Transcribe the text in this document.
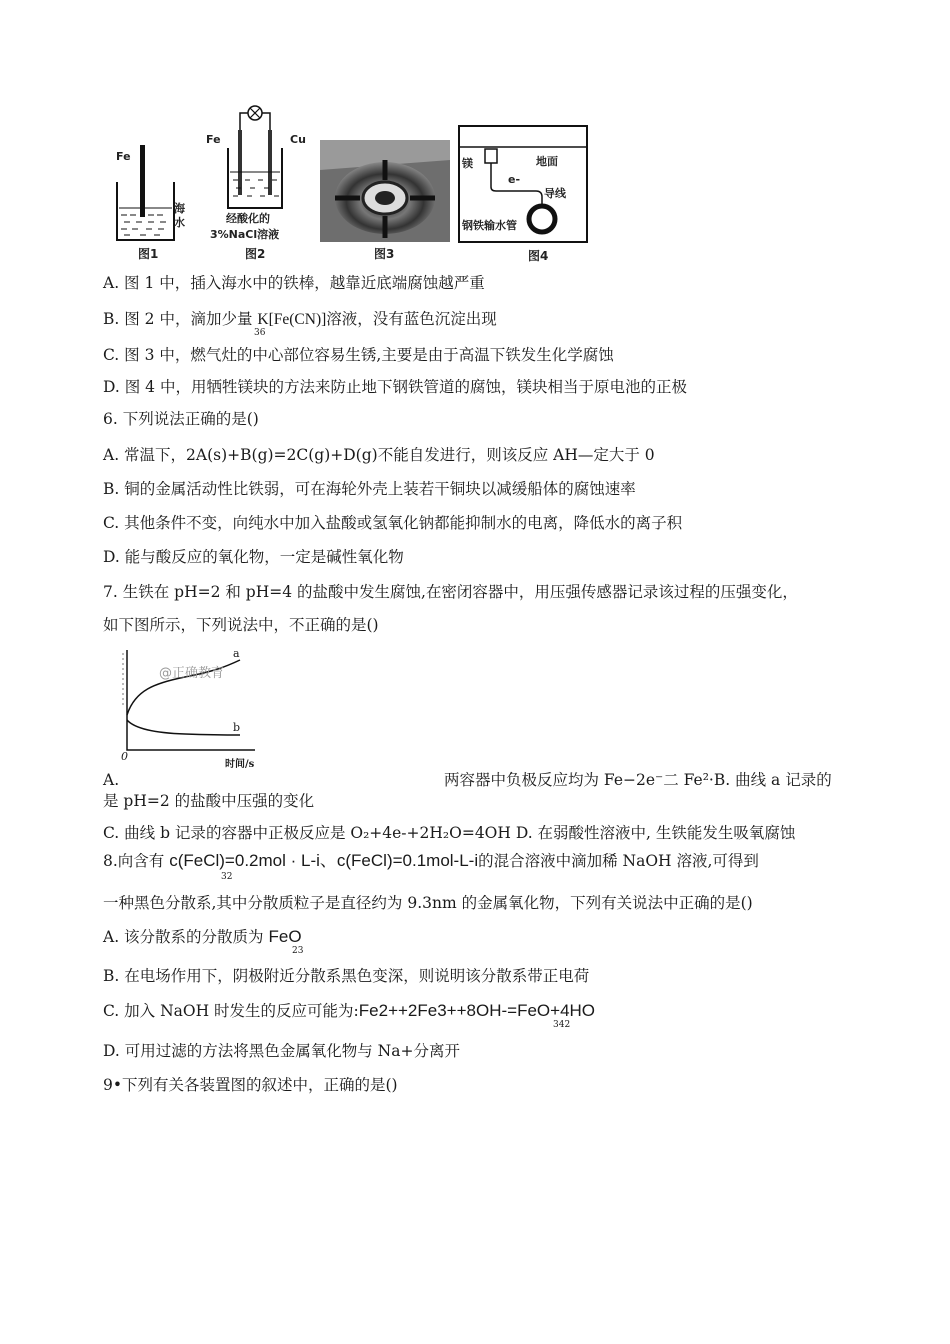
Fe
海水
图1
Fe	Cu
经酸化的
3%NaCl溶液
图2	图3
地面
镁
e-
导线
钢铁输水管
图4
A. 图 1 中，插入海水中的铁棒，越靠近底端腐蚀越严重
B. 图 2 中，滴加少量 K[Fe(CN)]溶液，没有蓝色沉淀出现
36
C. 图 3 中，燃气灶的中心部位容易生锈,主要是由于高温下铁发生化学腐蚀
D. 图 4 中，用牺牲镁块的方法来防止地下钢铁管道的腐蚀，镁块相当于原电池的正极
6. 下列说法正确的是()
A. 常温下，2A(s)+B(g)=2C(g)+D(g)不能自发进行，则该反应 AH—定大于 0
B. 铜的金属活动性比铁弱，可在海轮外壳上装若干铜块以减缓船体的腐蚀速率
C. 其他条件不变，向纯水中加入盐酸或氢氧化钠都能抑制水的电离，降低水的离子积
D. 能与酸反应的氧化物，一定是碱性氧化物
7. 生铁在 pH=2 和 pH=4 的盐酸中发生腐蚀,在密闭容器中，用压强传感器记录该过程的压强变化，
如下图所示，下列说法中，不正确的是()
@正确教育
a
b
0
时间/s
A.	两容器中负极反应均为 Fe−2e⁻二 Fe²·B. 曲线 a 记录的
是 pH=2 的盐酸中压强的变化
C. 曲线 b 记录的容器中正极反应是 O₂+4e-+2H₂O=4OH D. 在弱酸性溶液中, 生铁能发生吸氧腐蚀
8.向含有 c(FeCl)=0.2mol · L-i、c(FeCl)=0.1mol-L-i的混合溶液中滴加稀 NaOH 溶液,可得到
32
一种黑色分散系,其中分散质粒子是直径约为 9.3nm 的金属氧化物，下列有关说法中正确的是()
A. 该分散系的分散质为 FeO
23
B. 在电场作用下，阴极附近分散系黑色变深，则说明该分散系带正电荷
C. 加入 NaOH 时发生的反应可能为:Fe2++2Fe3++8OH-=FeO+4HO
342
D. 可用过滤的方法将黑色金属氧化物与 Na+分离开
9•下列有关各装置图的叙述中，正确的是()
